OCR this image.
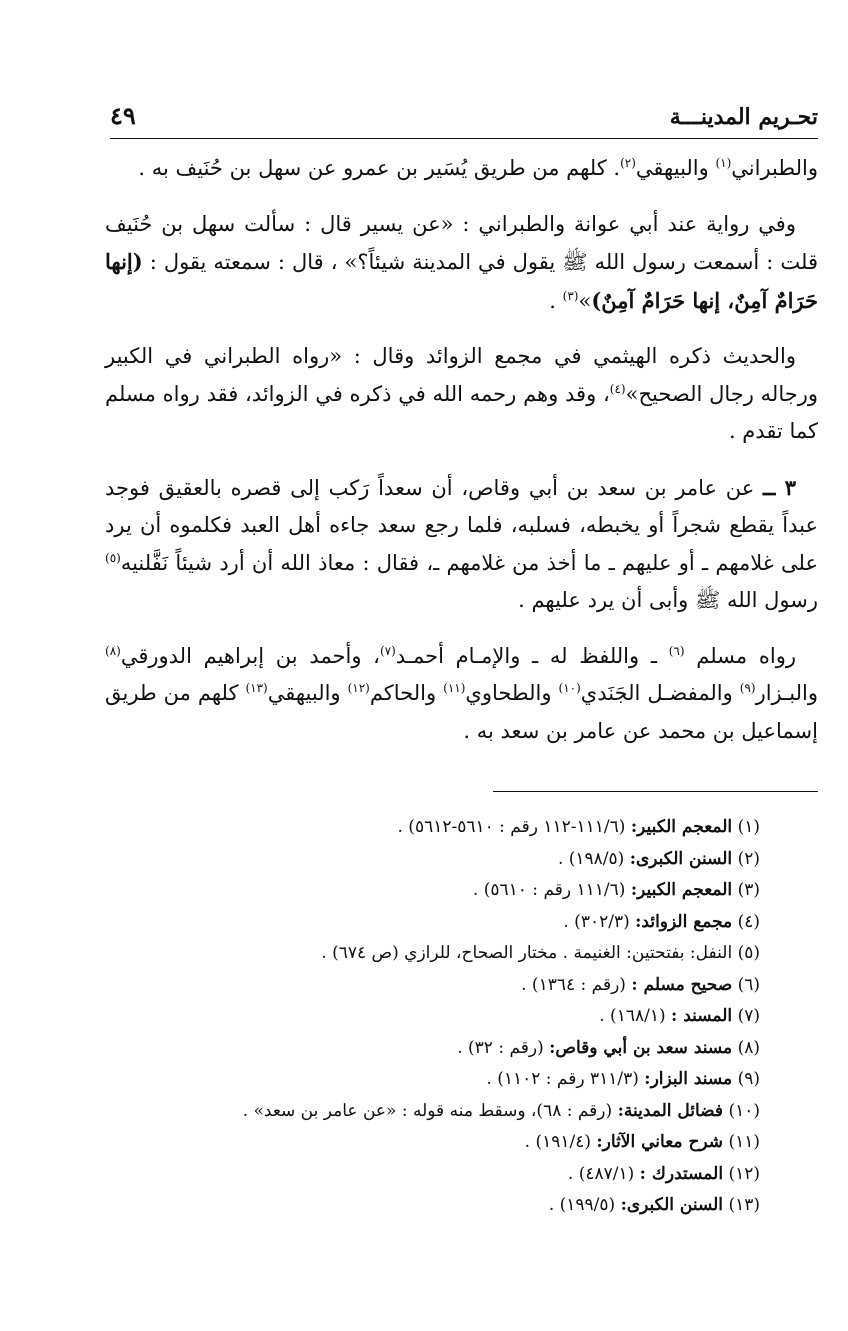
تحـريم المدينـــة
٤٩

والطبراني$^{(١)}$ والبيهقي$^{(٢)}$. كلهم من طريق يُسَير بن عمرو عن سهل بن حُنَيف به .

وفي رواية عند أبي عوانة والطبراني : «عن يسير قال : سألت سهل بن حُنَيف قلت : أسمعت رسول الله ﷺ يقول في المدينة شيئاً؟» ، قال : سمعته يقول : (إنها حَرَامٌ آمِنٌ، إنها حَرَامٌ آمِنٌ)»$^{(٣)}$ .

والحديث ذكره الهيثمي في مجمع الزوائد وقال : «رواه الطبراني في الكبير ورجاله رجال الصحيح»$^{(٤)}$، وقد وهم رحمه الله في ذكره في الزوائد، فقد رواه مسلم كما تقدم .

٣ ــ عن عامر بن سعد بن أبي وقاص، أن سعداً رَكب إلى قصره بالعقيق فوجد عبداً يقطع شجراً أو يخبطه، فسلبه، فلما رجع سعد جاءه أهل العبد فكلموه أن يرد على غلامهم ـ أو عليهم ـ ما أخذ من غلامهم ـ، فقال : معاذ الله أن أرد شيئاً نَفَّلنيه$^{(٥)}$ رسول الله ﷺ وأبى أن يرد عليهم .

رواه مسلم $^{(٦)}$ ـ واللفظ له ـ والإمـام أحمـد$^{(٧)}$، وأحمد بن إبراهيم الدورقي$^{(٨)}$ والبـزار$^{(٩)}$ والمفضـل الجَنَدي$^{(١٠)}$ والطحاوي$^{(١١)}$ والحاكم$^{(١٢)}$ والبيهقي$^{(١٣)}$ كلهم من طريق إسماعيل بن محمد عن عامر بن سعد به .

(١) المعجم الكبير: (١١١/٦-١١٢ رقم : ٥٦١٠-٥٦١٢) .
(٢) السنن الكبرى: (١٩٨/٥) .
(٣) المعجم الكبير: (١١١/٦ رقم : ٥٦١٠) .
(٤) مجمع الزوائد: (٣٠٢/٣) .
(٥) النفل: بفتحتين: الغنيمة . مختار الصحاح، للرازي (ص ٦٧٤) .
(٦) صحيح مسلم : (رقم : ١٣٦٤) .
(٧) المسند : (١٦٨/١) .
(٨) مسند سعد بن أبي وقاص: (رقم : ٣٢) .
(٩) مسند البزار: (٣١١/٣ رقم : ١١٠٢) .
(١٠) فضائل المدينة: (رقم : ٦٨)، وسقط منه قوله : «عن عامر بن سعد» .
(١١) شرح معاني الآثار: (١٩١/٤) .
(١٢) المستدرك : (٤٨٧/١) .
(١٣) السنن الكبرى: (١٩٩/٥) .
